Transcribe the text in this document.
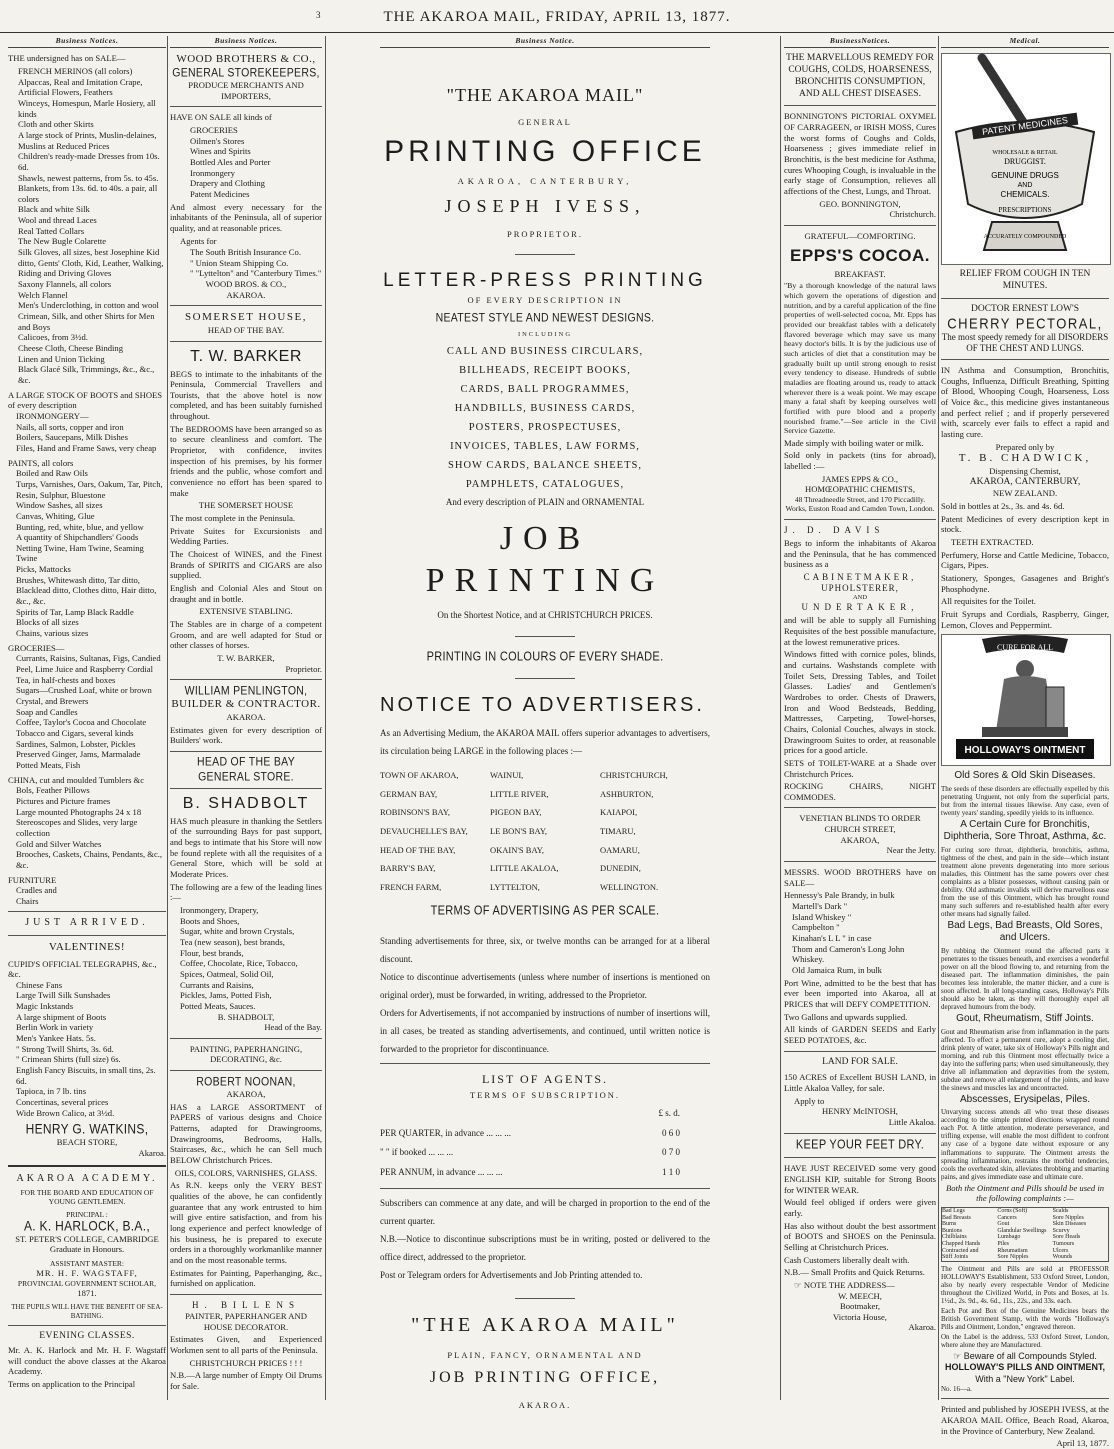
3	THE AKAROA MAIL, FRIDAY, APRIL 13, 1877.
Business Notices.

THE undersigned has on SALE—

FRENCH MERINOS (all colors)
Alpaccas, Real and Imitation Crape, Artificial Flowers, Feathers
Winceys, Homespun, Marle Hosiery, all kinds
Cloth and other Skirts
A large stock of Prints, Muslin-delaines, Muslins at Reduced Prices
Children's ready-made Dresses from 10s. 6d.
Shawls, newest patterns, from 5s. to 45s.
Blankets, from 13s. 6d. to 40s. a pair, all colors
Black and white Silk
Wool and thread Laces
Real Tatted Collars
The New Bugle Colarette
Silk Gloves, all sizes, best Josephine Kid ditto, Gents' Cloth, Kid, Leather, Walking, Riding and Driving Gloves
Saxony Flannels, all colors
Welch Flannel
Men's Underclothing, in cotton and wool
Crimean, Silk, and other Shirts for Men and Boys
Calicoes, from 3½d.
Cheese Cloth, Cheese Binding
Linen and Union Ticking
Black Glacé Silk, Trimmings, &c., &c., &c.
A LARGE STOCK OF BOOTS and SHOES of every description
IRONMONGERY—
Nails, all sorts, copper and iron
Boilers, Saucepans, Milk Dishes
Files, Hand and Frame Saws, very cheap
PAINTS, all colors
Boiled and Raw Oils
Turps, Varnishes, Oars, Oakum, Tar, Pitch, Resin, Sulphur, Bluestone
Window Sashes, all sizes
Canvas, Whiting, Glue
Bunting, red, white, blue, and yellow
A quantity of Shipchandlers' Goods
Netting Twine, Ham Twine, Seaming Twine
Picks, Mattocks
Brushes, Whitewash ditto, Tar ditto, Blacklead ditto, Clothes ditto, Hair ditto, &c., &c.
Spirits of Tar, Lamp Black Raddle
Blocks of all sizes
Chains, various sizes
GROCERIES—
Currants, Raisins, Sultanas, Figs, Candied Peel, Lime Juice and Raspberry Cordial
Tea, in half-chests and boxes
Sugars—Crushed Loaf, white or brown Crystal, and Brewers
Soap and Candles
Coffee, Taylor's Cocoa and Chocolate
Tobacco and Cigars, several kinds
Sardines, Salmon, Lobster, Pickles
Preserved Ginger, Jams, Marmalade
Potted Meats, Fish
CHINA, cut and moulded Tumblers &c
Bols, Feather Pillows
Pictures and Picture frames
Large mounted Photographs 24 x 18
Stereoscopes and Slides, very large collection
Gold and Silver Watches
Brooches, Caskets, Chains, Pendants, &c., &c.
FURNITURE
Cradles and
Chairs
JUST ARRIVED.
VALENTINES!
CUPID'S OFFICIAL TELEGRAPHS, &c., &c.
Chinese Fans
Large Twill Silk Sunshades
Magic Inkstands
A large shipment of Boots
Berlin Work in variety
Men's Yankee Hats. 5s.
" Strong Twill Shirts, 3s. 6d.
" Crimean Shirts (full size) 6s.
English Fancy Biscuits, in small tins, 2s. 6d.
Tapioca, in 7 lb. tins
Concertinas, several prices
Wide Brown Calico, at 3½d.
HENRY G. WATKINS,
BEACH STORE,
Akaroa.
AKAROA ACADEMY.
FOR THE BOARD AND EDUCATION OF YOUNG GENTLEMEN.
PRINCIPAL :
A. K. HARLOCK, B.A.,
ST. PETER'S COLLEGE, CAMBRIDGE
Graduate in Honours.
ASSISTANT MASTER:
MR. H. F. WAGSTAFF,
PROVINCIAL GOVERNMENT SCHOLAR,
1871.
THE PUPILS WILL HAVE THE BENEFIT OF SEA-BATHING.
EVENING CLASSES.

Mr. A. K. Harlock and Mr. H. F. Wagstaff will conduct the above classes at the Akaroa Academy.

Terms on application to the Principal

Business Notices.
WOOD BROTHERS & CO.,
GENERAL STOREKEEPERS,
PRODUCE MERCHANTS AND IMPORTERS,

HAVE ON SALE all kinds of

GROCERIES
Oilmen's Stores
Wines and Spirits
Bottled Ales and Porter
Ironmongery
Drapery and Clothing
Patent Medicines

And almost every necessary for the inhabitants of the Peninsula, all of superior quality, and at reasonable prices.

Agents for
The South British Insurance Co.
" Union Steam Shipping Co.
" "Lyttelton" and "Canterbury Times."
WOOD BROS. & CO.,
AKAROA.
SOMERSET HOUSE,
HEAD OF THE BAY.
T. W. BARKER

BEGS to intimate to the inhabitants of the Peninsula, Commercial Travellers and Tourists, that the above hotel is now completed, and has been suitably furnished throughout.

The BEDROOMS have been arranged so as to secure cleanliness and comfort. The Proprietor, with confidence, invites inspection of his premises, by his former friends and the public, whose comfort and convenience no effort has been spared to make

THE SOMERSET HOUSE

The most complete in the Peninsula.

Private Suites for Excursionists and Wedding Parties.

The Choicest of WINES, and the Finest Brands of SPIRITS and CIGARS are also supplied.

English and Colonial Ales and Stout on draught and in bottle.

EXTENSIVE STABLING.

The Stables are in charge of a competent Groom, and are well adapted for Stud or other classes of horses.

T. W. BARKER,
Proprietor.
WILLIAM PENLINGTON,
BUILDER & CONTRACTOR.
AKAROA.

Estimates given for every description of Builders' work.

HEAD OF THE BAY GENERAL STORE.
B. SHADBOLT

HAS much pleasure in thanking the Settlers of the surrounding Bays for past support, and begs to intimate that his Store will now be found replete with all the requisites of a General Store, which will be sold at Moderate Prices.

The following are a few of the leading lines :—

Ironmongery, Drapery,
Boots and Shoes,
Sugar, white and brown Crystals,
Tea (new season), best brands,
Flour, best brands,
Coffee, Chocolate, Rice, Tobacco,
Spices, Oatmeal, Solid Oil,
Currants and Raisins,
Pickles, Jams, Potted Fish,
Potted Meats, Sauces.
B. SHADBOLT,
Head of the Bay.
PAINTING, PAPERHANGING, DECORATING, &c.
ROBERT NOONAN,
AKAROA,

HAS a LARGE ASSORTMENT of PAPERS of various designs and Choice Patterns, adapted for Drawingrooms, Drawingrooms, Bedrooms, Halls, Staircases, &c., which he can Sell much BELOW Christchurch Prices.

OILS, COLORS, VARNISHES, GLASS.

As R.N. keeps only the VERY BEST qualities of the above, he can confidently guarantee that any work entrusted to him will give entire satisfaction, and from his long experience and perfect knowledge of his business, he is prepared to execute orders in a thoroughly workmanlike manner and on the most reasonable terms.

Estimates for Painting, Paperhanging, &c., furnished on application.

H. BILLENS
PAINTER, PAPERHANGER AND HOUSE DECORATOR.

Estimates Given, and Experienced Workmen sent to all parts of the Peninsula.

CHRISTCHURCH PRICES ! ! !

N.B.—A large number of Empty Oil Drums for Sale.

Business Notice.
"THE AKAROA MAIL"
GENERAL
PRINTING OFFICE
AKAROA, CANTERBURY,
JOSEPH IVESS,
PROPRIETOR.
LETTER-PRESS PRINTING
OF EVERY DESCRIPTION IN
NEATEST STYLE AND NEWEST DESIGNS.
INCLUDING
CALL AND BUSINESS CIRCULARS,
BILLHEADS, RECEIPT BOOKS,
CARDS, BALL PROGRAMMES,
HANDBILLS, BUSINESS CARDS,
POSTERS, PROSPECTUSES,
INVOICES, TABLES, LAW FORMS,
SHOW CARDS, BALANCE SHEETS,
PAMPHLETS, CATALOGUES,
And every description of PLAIN and ORNAMENTAL
JOB PRINTING
On the Shortest Notice, and at CHRISTCHURCH PRICES.
PRINTING IN COLOURS OF EVERY SHADE.
NOTICE TO ADVERTISERS.
As an Advertising Medium, the AKAROA MAIL offers superior advantages to advertisers, its circulation being LARGE in the following places :—
TOWN OF AKAROA,	WAINUI,	CHRISTCHURCH,
GERMAN BAY,	LITTLE RIVER,	ASHBURTON,
ROBINSON'S BAY,	PIGEON BAY,	KAIAPOI,
DEVAUCHELLE'S BAY,	LE BON'S BAY,	TIMARU,
HEAD OF THE BAY,	OKAIN'S BAY,	OAMARU,
BARRY'S BAY,	LITTLE AKALOA,	DUNEDIN,
FRENCH FARM,	LYTTELTON,	WELLINGTON.
TERMS OF ADVERTISING AS PER SCALE.
Standing advertisements for three, six, or twelve months can be arranged for at a liberal discount.
Notice to discontinue advertisements (unless where number of insertions is mentioned on original order), must be forwarded, in writing, addressed to the Proprietor.
Orders for Advertisements, if not accompanied by instructions of number of insertions will, in all cases, be treated as standing advertisements, and continued, until written notice is forwarded to the proprietor for discontinuance.
LIST OF AGENTS.
TERMS OF SUBSCRIPTION.
£ s. d.
PER QUARTER, in advance ... ... ...	0 6 0
" " if booked ... ... ...	0 7 0
PER ANNUM, in advance ... ... ...	1 1 0
Subscribers can commence at any date, and will be charged in proportion to the end of the current quarter.
N.B.—Notice to discontinue subscriptions must be in writing, posted or delivered to the office direct, addressed to the proprietor.
Post or Telegram orders for Advertisements and Job Printing attended to.
"THE AKAROA MAIL"
PLAIN, FANCY, ORNAMENTAL AND
JOB PRINTING OFFICE,
AKAROA.
BusinessNotices.
THE MARVELLOUS REMEDY FOR COUGHS, COLDS, HOARSENESS, BRONCHITIS CONSUMPTION, AND ALL CHEST DISEASES.

BONNINGTON'S PICTORIAL OXYMEL OF CARRAGEEN, or IRISH MOSS, Cures the worst forms of Coughs and Colds, Hoarseness ; gives immediate relief in Bronchitis, is the best medicine for Asthma, cures Whooping Cough, is invaluable in the early stage of Consumption, relieves all affections of the Chest, Lungs, and Throat.

GEO. BONNINGTON,
Christchurch.
GRATEFUL—COMFORTING.
EPPS'S COCOA.
BREAKFAST.

"By a thorough knowledge of the natural laws which govern the operations of digestion and nutrition, and by a careful application of the fine properties of well-selected cocoa, Mr. Epps has provided our breakfast tables with a delicately flavored beverage which may save us many heavy doctor's bills. It is by the judicious use of such articles of diet that a constitution may be gradually built up until strong enough to resist every tendency to disease. Hundreds of subtle maladies are floating around us, ready to attack wherever there is a weak point. We may escape many a fatal shaft by keeping ourselves well fortified with pure blood and a properly nourished frame."—See article in the Civil Service Gazette.

Made simply with boiling water or milk.

Sold only in packets (tins for abroad), labelled :—

JAMES EPPS & CO.,
HOMŒOPATHIC CHEMISTS,
48 Threadneedle Street, and 170 Piccadilly. Works, Euston Road and Camden Town, London.
J. D. DAVIS

Begs to inform the inhabitants of Akaroa and the Peninsula, that he has commenced business as a

CABINETMAKER,
UPHOLSTERER,
AND
UNDERTAKER,

and will be able to supply all Furnishing Requisites of the best possible manufacture, at the lowest remunerative prices.

Windows fitted with cornice poles, blinds, and curtains. Washstands complete with Toilet Sets, Dressing Tables, and Toilet Glasses. Ladies' and Gentlemen's Wardrobes to order. Chests of Drawers, Iron and Wood Bedsteads, Bedding, Mattresses, Carpeting, Towel-horses, Chairs, Colonial Couches, always in stock. Drawingroom Suites to order, at reasonable prices for a good article.

SETS of TOILET-WARE at a Shade over Christchurch Prices.

ROCKING CHAIRS, NIGHT COMMODES.

VENETIAN BLINDS TO ORDER
CHURCH STREET,
AKAROA,
Near the Jetty.

MESSRS. WOOD BROTHERS have on SALE—

Hennessy's Pale Brandy, in bulk
Martell's Dark "
Island Whiskey "
Campbelton "
Kinahan's L L " in case
Thom and Cameron's Long John Whiskey.
Old Jamaica Rum, in bulk

Port Wine, admitted to be the best that has ever been imported into Akaroa, all at PRICES that will DEFY COMPETITION.

Two Gallons and upwards supplied.

All kinds of GARDEN SEEDS and Early SEED POTATOES, &c.

LAND FOR SALE.

150 ACRES of Excellent BUSH LAND, in Little Akaloa Valley, for sale.

Apply to
HENRY McINTOSH,
Little Akaloa.
KEEP YOUR FEET DRY.

HAVE JUST RECEIVED some very good ENGLISH KIP, suitable for Strong Boots for WINTER WEAR.

Would feel obliged if orders were given early.

Has also without doubt the best assortment of BOOTS and SHOES on the Peninsula. Selling at Christchurch Prices.

Cash Customers liberally dealt with.

N.B.— Small Profits and Quick Returns.

☞ NOTE THE ADDRESS—
W. MEECH,
Bootmaker,
Victoria House,
Akaroa.
Medical.
PATENT MEDICINES
WHOLESALE & RETAIL
DRUGGIST.
GENUINE DRUGS
AND
CHEMICALS.
PRESCRIPTIONS
ACCURATELY COMPOUNDED
RELIEF FROM COUGH IN TEN MINUTES.
DOCTOR ERNEST LOW'S
CHERRY PECTORAL,
The most speedy remedy for all DISORDERS OF THE CHEST AND LUNGS.

IN Asthma and Consumption, Bronchitis, Coughs, Influenza, Difficult Breathing, Spitting of Blood, Whooping Cough, Hoarseness, Loss of Voice &c., this medicine gives instantaneous and perfect relief ; and if properly persevered with, scarcely ever fails to effect a rapid and lasting cure.

Prepared only by
T. B. CHADWICK,
Dispensing Chemist,
AKAROA, CANTERBURY,
NEW ZEALAND.

Sold in bottles at 2s., 3s. and 4s. 6d.

Patent Medicines of every description kept in stock.

TEETH EXTRACTED.

Perfumery, Horse and Cattle Medicine, Tobacco, Cigars, Pipes.

Stationery, Sponges, Gasagenes and Bright's Phosphodyne.

All requisites for the Toilet.

Fruit Syrups and Cordials, Raspberry, Ginger, Lemon, Cloves and Peppermint.

CURE FOR ALL
HOLLOWAY'S OINTMENT
Old Sores & Old Skin Diseases.

The seeds of these disorders are effectually expelled by this penetrating Unguent, not only from the superficial parts, but from the internal tissues likewise. Any case, even of twenty years' standing, speedily yields to its influence.

A Certain Cure for Bronchitis, Diphtheria, Sore Throat, Asthma, &c.

For curing sore throat, diphtheria, bronchitis, asthma, tightness of the chest, and pain in the side—which instant treatment alone prevents degenerating into more serious maladies, this Ointment has the same powers over chest complaints as a blister possesses, without causing pain or debility. Old asthmatic invalids will derive marvellous ease from the use of this Ointment, which has brought round many such sufferers and re-established health after every other means had signally failed.

Bad Legs, Bad Breasts, Old Sores, and Ulcers.

By rubbing the Ointment round the affected parts it penetrates to the tissues beneath, and exercises a wonderful power on all the blood flowing to, and returning from the diseased part. The inflammation diminishes, the pain becomes less intolerable, the matter thicker, and a cure is soon affected. In all long-standing cases, Holloway's Pills should also be taken, as they will thoroughly expel all depraved humours from the body.

Gout, Rheumatism, Stiff Joints.

Gout and Rheumatism arise from inflammation in the parts affected. To effect a permanent cure, adopt a cooling diet, drink plenty of water, take six of Holloway's Pills night and morning, and rub this Ointment most effectually twice a day into the suffering parts; when used simultaneously, they drive all inflammation and depravities from the system, subdue and remove all enlargement of the joints, and leave the sinews and muscles lax and uncontracted.

Abscesses, Erysipelas, Piles.

Unvarying success attends all who treat these diseases according to the simple printed directions wrapped round each Pot. A little attention, moderate perseverance, and trifling expense, will enable the most diffident to confront any case of a bygone date without exposure or any inflammations to suppurate. The Ointment arrests the spreading inflammation, restrains the morbid tendencies, cools the overheated skin, alleviates throbbing and smarting pains, and gives immediate ease and ultimate cure.

Both the Ointment and Pills should be used in the following complaints :—
Bad Legs	Corns (Soft)	Scalds
Bad Breasts	Cancers	Sore Nipples
Burns	Gout	Skin Diseases
Bunions	Glandular Swellings	Scurvy
Chilblains	Lumbago	Sore Heads
Chapped Hands	Piles	Tumours
Contracted and	Rheumatism	Ulcers
Stiff Joints	Sore Nipples	Wounds

The Ointment and Pills are sold at PROFESSOR HOLLOWAY'S Establishment, 533 Oxford Street, London, also by nearly every respectable Vendor of Medicine throughout the Civilized World, in Pots and Boxes, at 1s. 1½d., 2s. 9d., 4s. 6d., 11s., 22s., and 33s. each.

Each Pot and Box of the Genuine Medicines bears the British Government Stamp, with the words "Holloway's Pills and Ointment, London," engraved thereon.

On the Label is the address, 533 Oxford Street, London, where alone they are Manufactured.

☞ Beware of all Compounds Styled.
HOLLOWAY'S PILLS AND OINTMENT,
With a "New York" Label.
No. 16—a.

Printed and published by JOSEPH IVESS, at the AKAROA MAIL Office, Beach Road, Akaroa, in the Province of Canterbury, New Zealand.

April 13, 1877.
